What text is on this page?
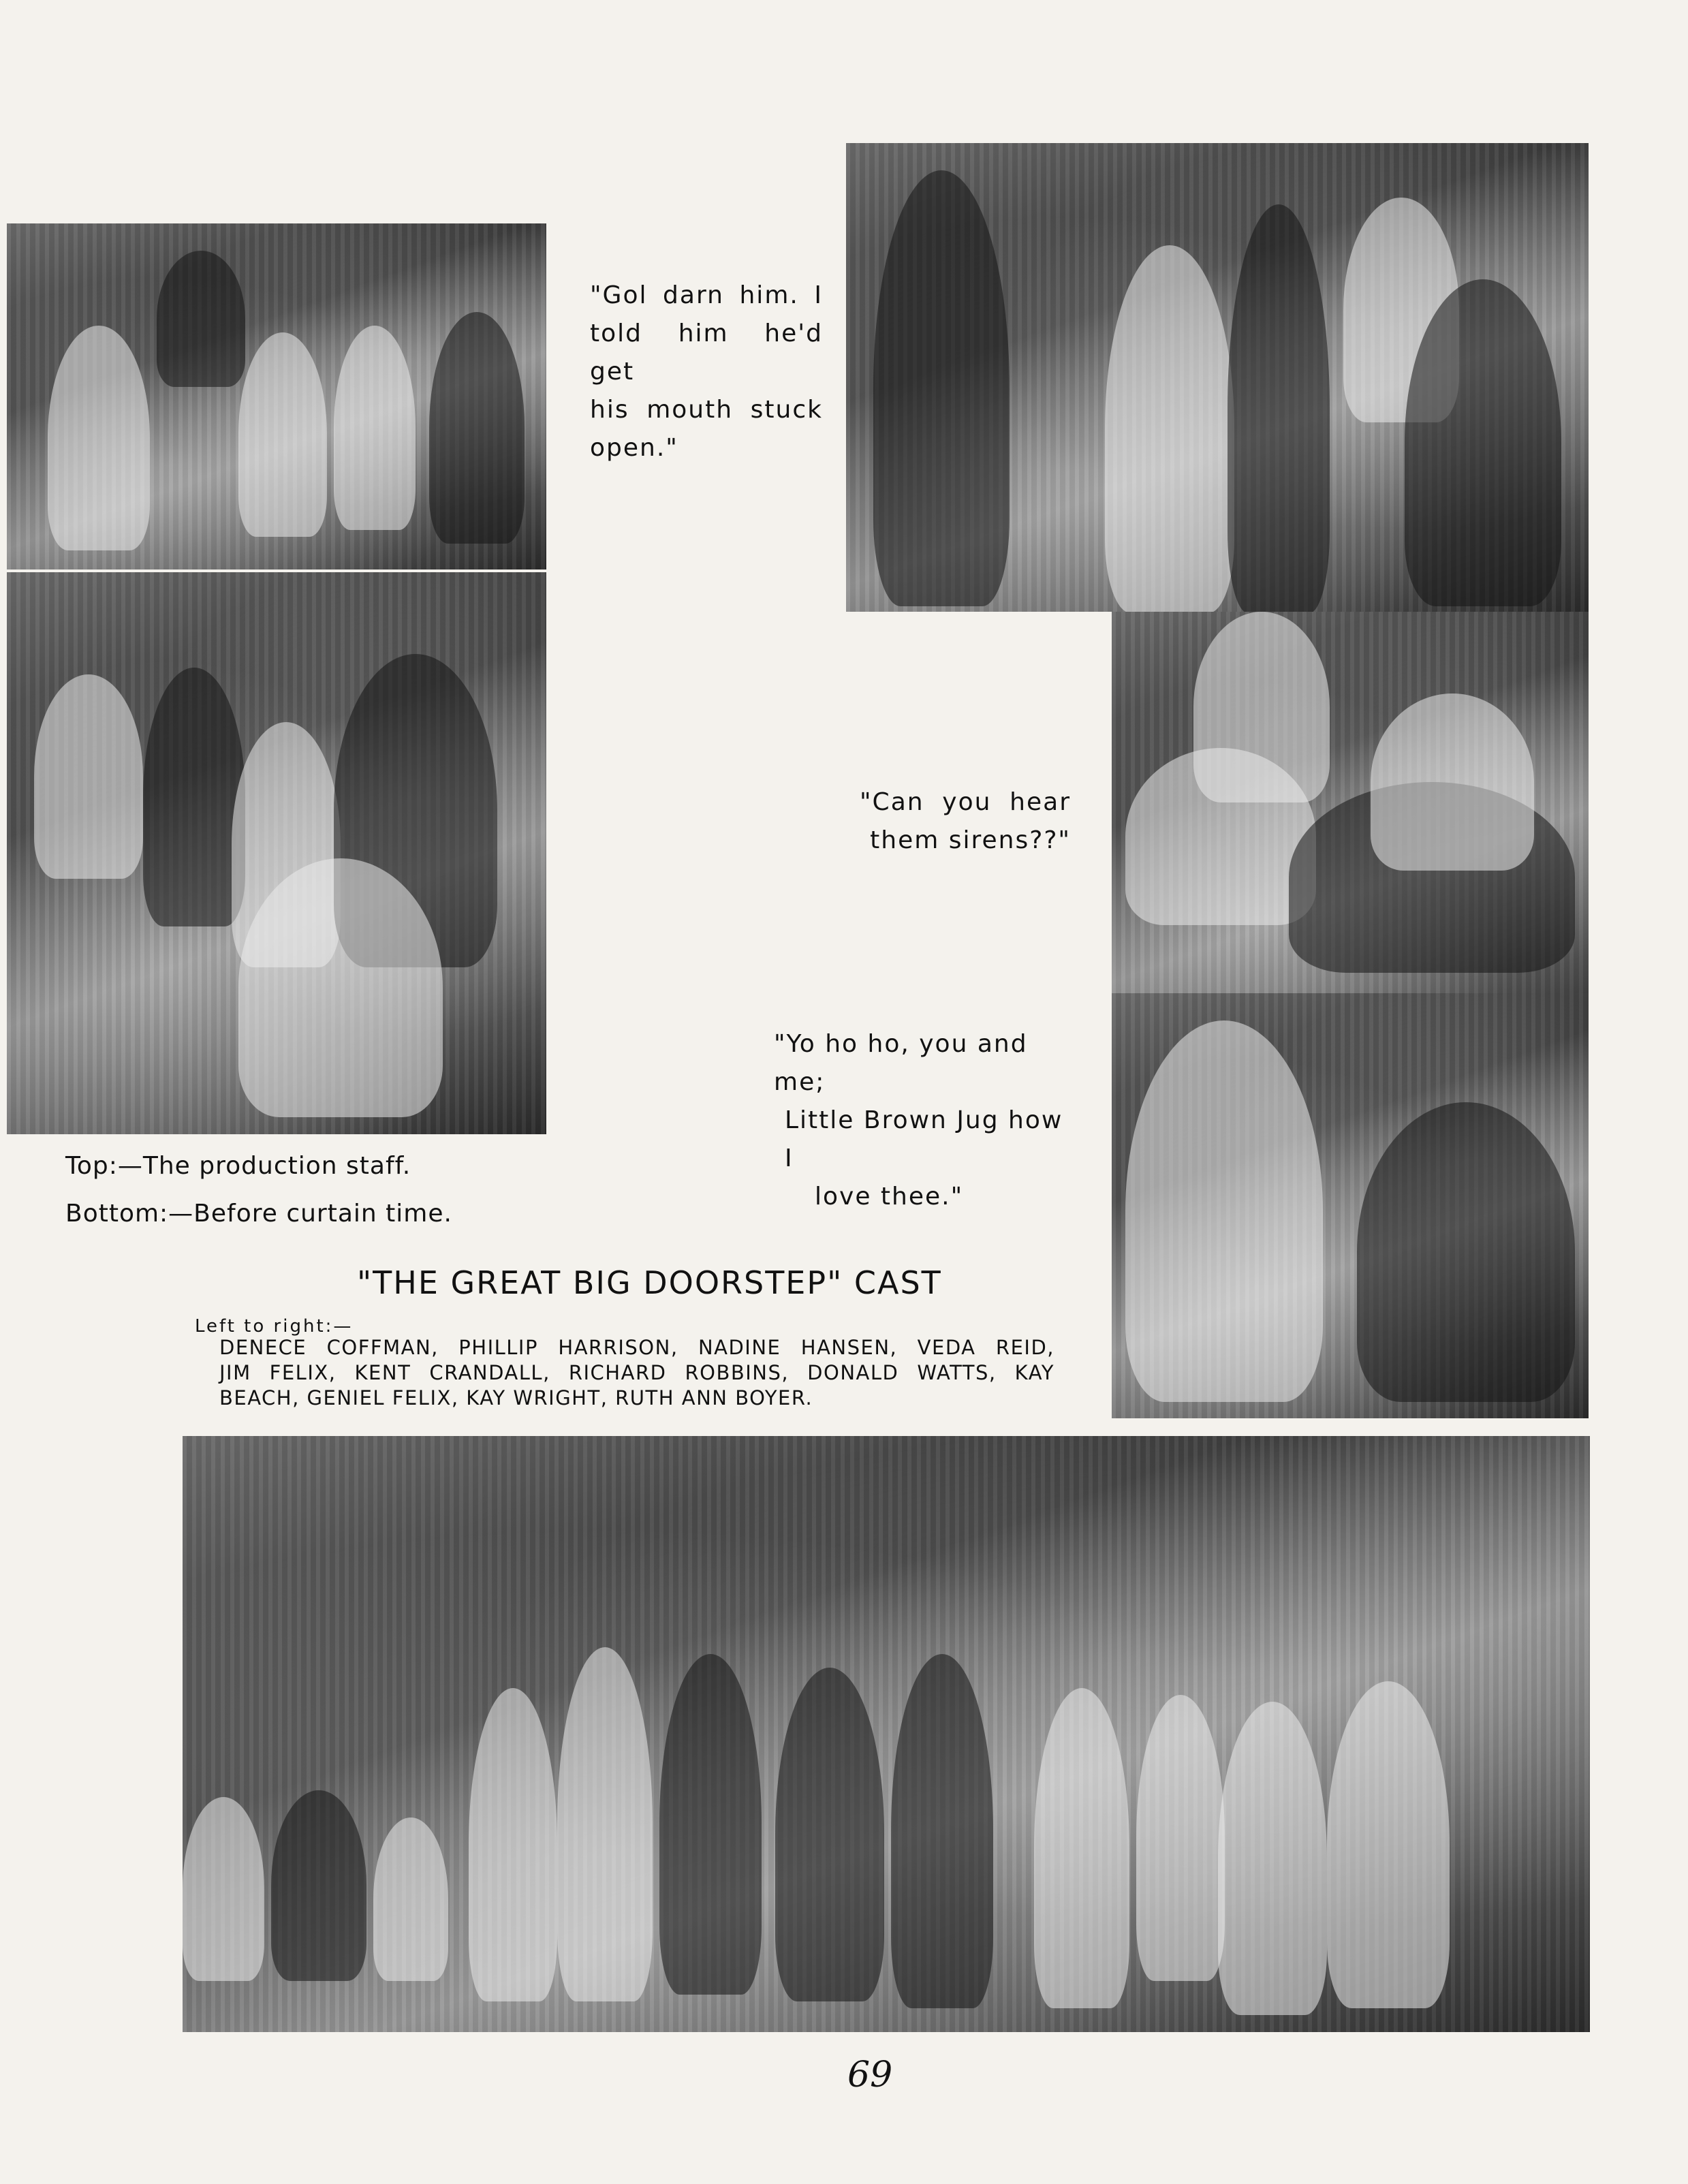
"Gol darn him. I
told him he'd get
his mouth stuck
open."
"Can you hear
them sirens??"
"Yo ho ho, you and me;
Little Brown Jug how I
love thee."
Top:—The production staff.
Bottom:—Before curtain time.
"THE GREAT BIG DOORSTEP" CAST
Left to right:—
DENECE COFFMAN, PHILLIP HARRISON, NADINE HANSEN, VEDA REID,
JIM FELIX, KENT CRANDALL, RICHARD ROBBINS, DONALD WATTS, KAY
BEACH, GENIEL FELIX, KAY WRIGHT, RUTH ANN BOYER.
69
